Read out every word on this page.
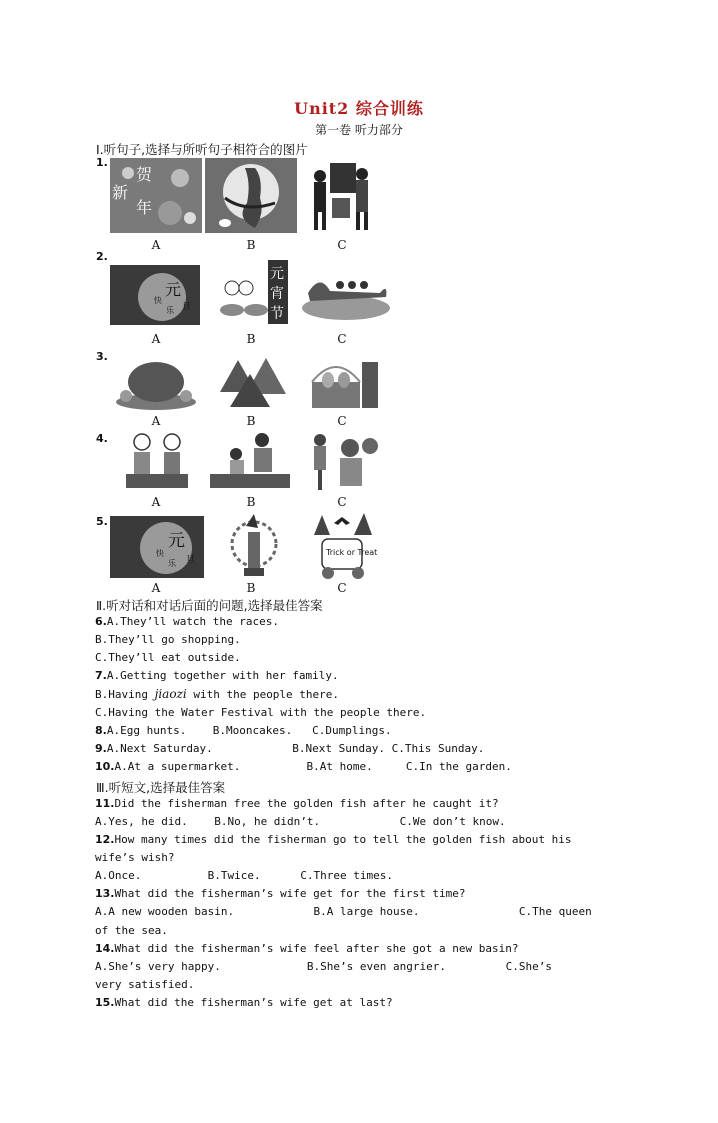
Unit2 综合训练
第一卷 听力部分
Ⅰ.听句子,选择与所听句子相符合的图片
1.
贺
新
年
A	B	C
2.
元
旦
快
乐
元
宵
节
A	B	C
3.
A	B	C
4.
A	B	C
5.
元
旦
快
乐
Trick or Treat
A	B	C
Ⅱ.听对话和对话后面的问题,选择最佳答案
6.A.They’ll watch the races.
B.They’ll go shopping.
C.They’ll eat outside.
7.A.Getting together with her family.
B.Having jiaozi with the people there.
C.Having the Water Festival with the people there.
8.A.Egg hunts.    B.Mooncakes.   C.Dumplings.
9.A.Next Saturday.            B.Next Sunday. C.This Sunday.
10.A.At a supermarket.          B.At home.     C.In the garden.
Ⅲ.听短文,选择最佳答案
11.Did the fisherman free the golden fish after he caught it?
A.Yes, he did.    B.No, he didn’t.            C.We don’t know.
12.How many times did the fisherman go to tell the golden fish about his
wife’s wish?
A.Once.          B.Twice.      C.Three times.
13.What did the fisherman’s wife get for the first time?
A.A new wooden basin.            B.A large house.               C.The queen
of the sea.
14.What did the fisherman’s wife feel after she got a new basin?
A.She’s very happy.             B.She’s even angrier.         C.She’s
very satisfied.
15.What did the fisherman’s wife get at last?
